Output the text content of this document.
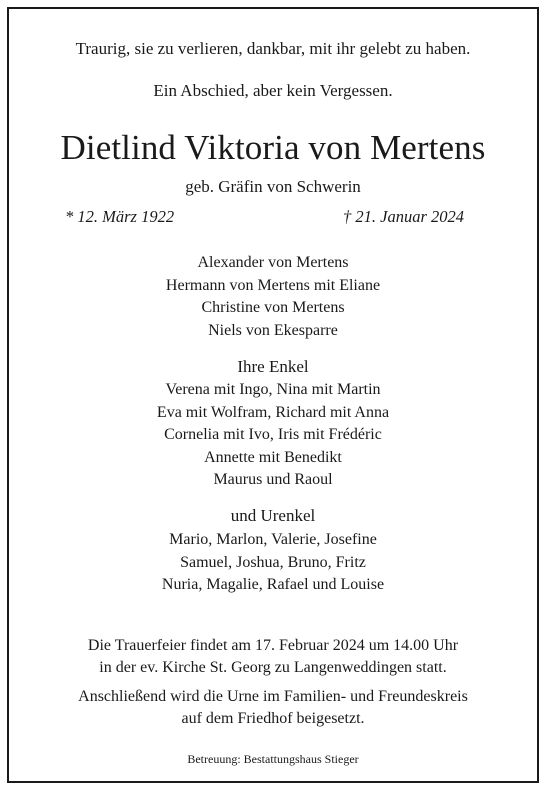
Traurig, sie zu verlieren, dankbar, mit ihr gelebt zu haben.
Ein Abschied, aber kein Vergessen.
Dietlind Viktoria von Mertens
geb. Gräfin von Schwerin
* 12. März 1922	† 21. Januar 2024
Alexander von Mertens
Hermann von Mertens mit Eliane
Christine von Mertens
Niels von Ekesparre
Ihre Enkel
Verena mit Ingo, Nina mit Martin
Eva mit Wolfram, Richard mit Anna
Cornelia mit Ivo, Iris mit Frédéric
Annette mit Benedikt
Maurus und Raoul
und Urenkel
Mario, Marlon, Valerie, Josefine
Samuel, Joshua, Bruno, Fritz
Nuria, Magalie, Rafael und Louise
Die Trauerfeier findet am 17. Februar 2024 um 14.00 Uhr
in der ev. Kirche St. Georg zu Langenweddingen statt.
Anschließend wird die Urne im Familien- und Freundeskreis
auf dem Friedhof beigesetzt.
Betreuung: Bestattungshaus Stieger
